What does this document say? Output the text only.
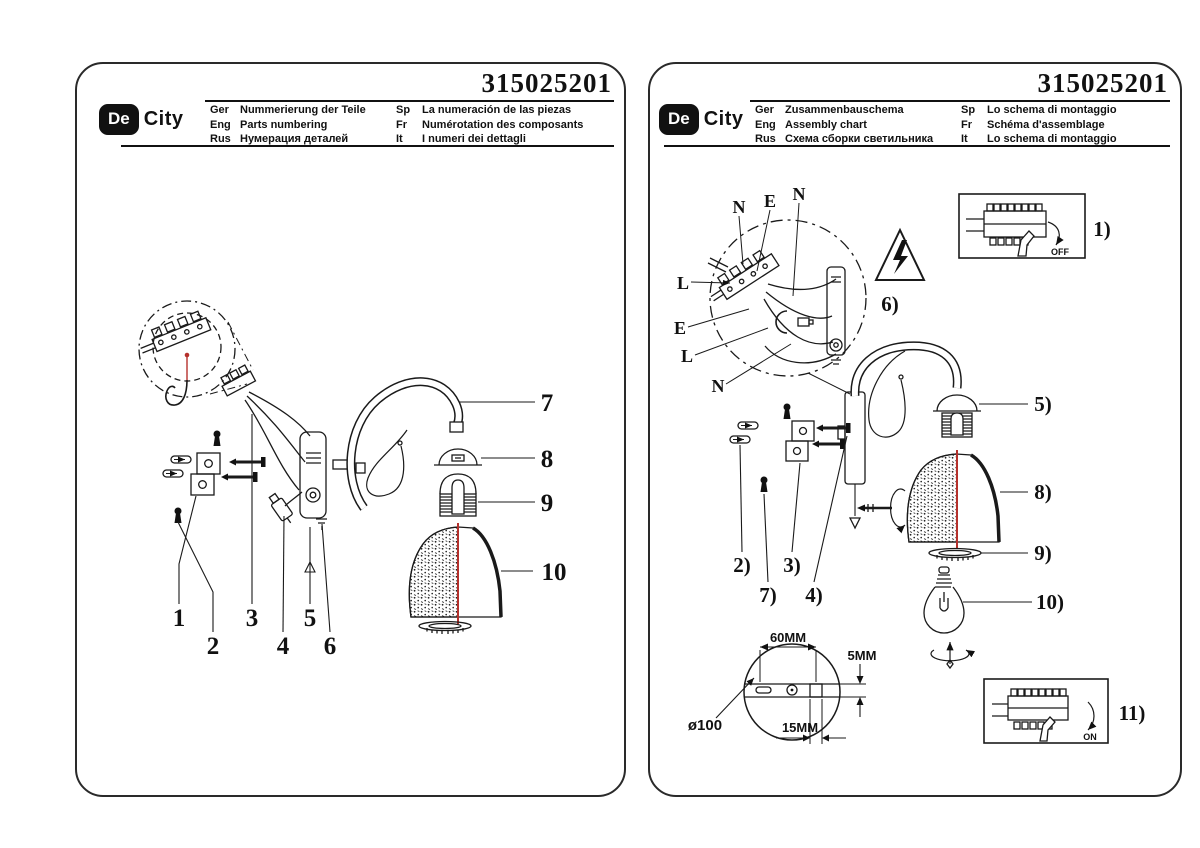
315025201
De City Ger	Nummerierung der Teile	Sp	La numeración de las piezas
Eng Parts numbering	Fr	Numérotation des composants
Rus Нумерация деталей	It	I numeri dei dettagli
7
8
9
10
1
2
3
4
5
6
315025201
De City Ger	Zusammenbauschema	Sp	Lo schema di montaggio
Eng Assembly chart	Fr	Schéma d'assemblage
Rus Схема сборки светильника	It	Lo schema di montaggio
N E N
L
E
L
N
1)
6)
5)
8)
9)
10)
2) 3)
7) 4)
11)
OFF
ON
60MM
5MM
15MM
ø100
